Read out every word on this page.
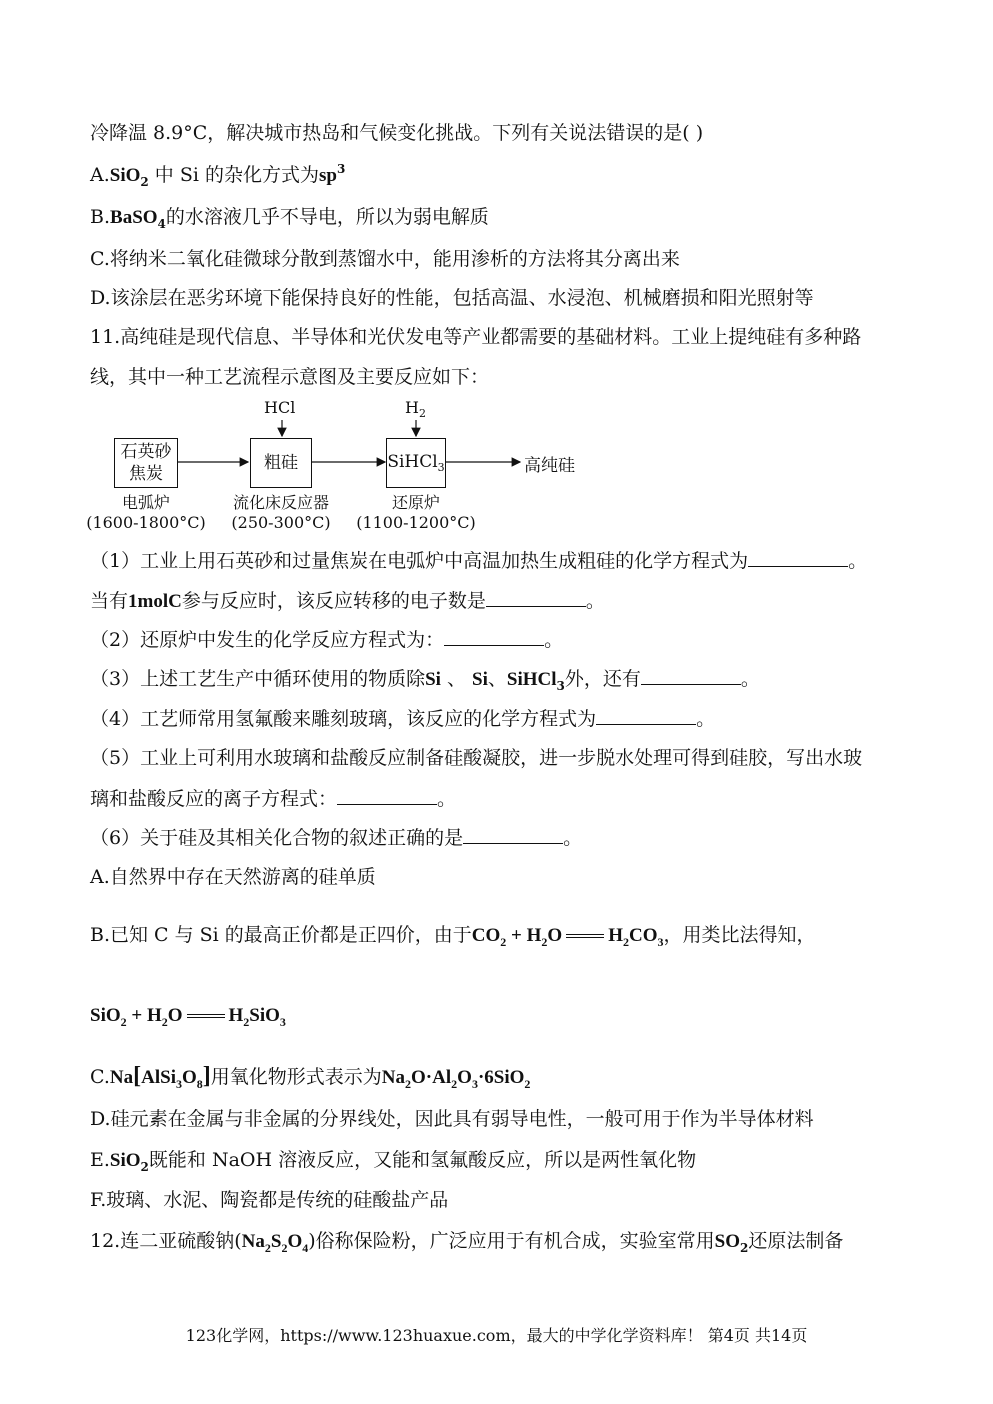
冷降温 8.9°C，解决城市热岛和气候变化挑战。下列有关说法错误的是( )
A.SiO$_2$ 中 Si 的杂化方式为$sp^3$
B.BaSO$_4$的水溶液几乎不导电，所以为弱电解质
C.将纳米二氧化硅微球分散到蒸馏水中，能用渗析的方法将其分离出来
D.该涂层在恶劣环境下能保持良好的性能，包括高温、水浸泡、机械磨损和阳光照射等
11.高纯硅是现代信息、半导体和光伏发电等产业都需要的基础材料。工业上提纯硅有多种路
线，其中一种工艺流程示意图及主要反应如下：
石英砂
焦炭
粗硅	SiHCl$_3$	高纯硅
HCl	$H_2$
电弧炉
(1600-1800°C)
流化床反应器
(250-300°C)
还原炉
(1100-1200°C)
（1）工业上用石英砂和过量焦炭在电弧炉中高温加热生成粗硅的化学方程式为	。
当有1molC参与反应时，该反应转移的电子数是	。
（2）还原炉中发生的化学反应方程式为：	。
（3）上述工艺生产中循环使用的物质除Si 、 Si、SiHCl$_3$外，还有	。
（4）工艺师常用氢氟酸来雕刻玻璃，该反应的化学方程式为	。
（5）工业上可利用水玻璃和盐酸反应制备硅酸凝胶，进一步脱水处理可得到硅胶，写出水玻
璃和盐酸反应的离子方程式：	。
（6）关于硅及其相关化合物的叙述正确的是	。
A.自然界中存在天然游离的硅单质
B.已知 C 与 Si 的最高正价都是正四价，由于$CO_2 + H_2O$ $H_2CO_3$，用类比法得知，
$SiO_2 + H_2O$ $H_2SiO_3$
$C.Na[AlSi_3O_8]$用氧化物形式表示为$Na_2O\cdot Al_2O_3\cdot 6SiO_2$
D.硅元素在金属与非金属的分界线处，因此具有弱导电性，一般可用于作为半导体材料
E.SiO$_2$既能和 NaOH 溶液反应，又能和氢氟酸反应，所以是两性氧化物
F.玻璃、水泥、陶瓷都是传统的硅酸盐产品
12.连二亚硫酸钠$(Na_2S_2O_4)$俗称保险粉，广泛应用于有机合成，实验室常用$SO_2$还原法制备
123化学网，https://www.123huaxue.com，最大的中学化学资料库！ 第4页 共14页
